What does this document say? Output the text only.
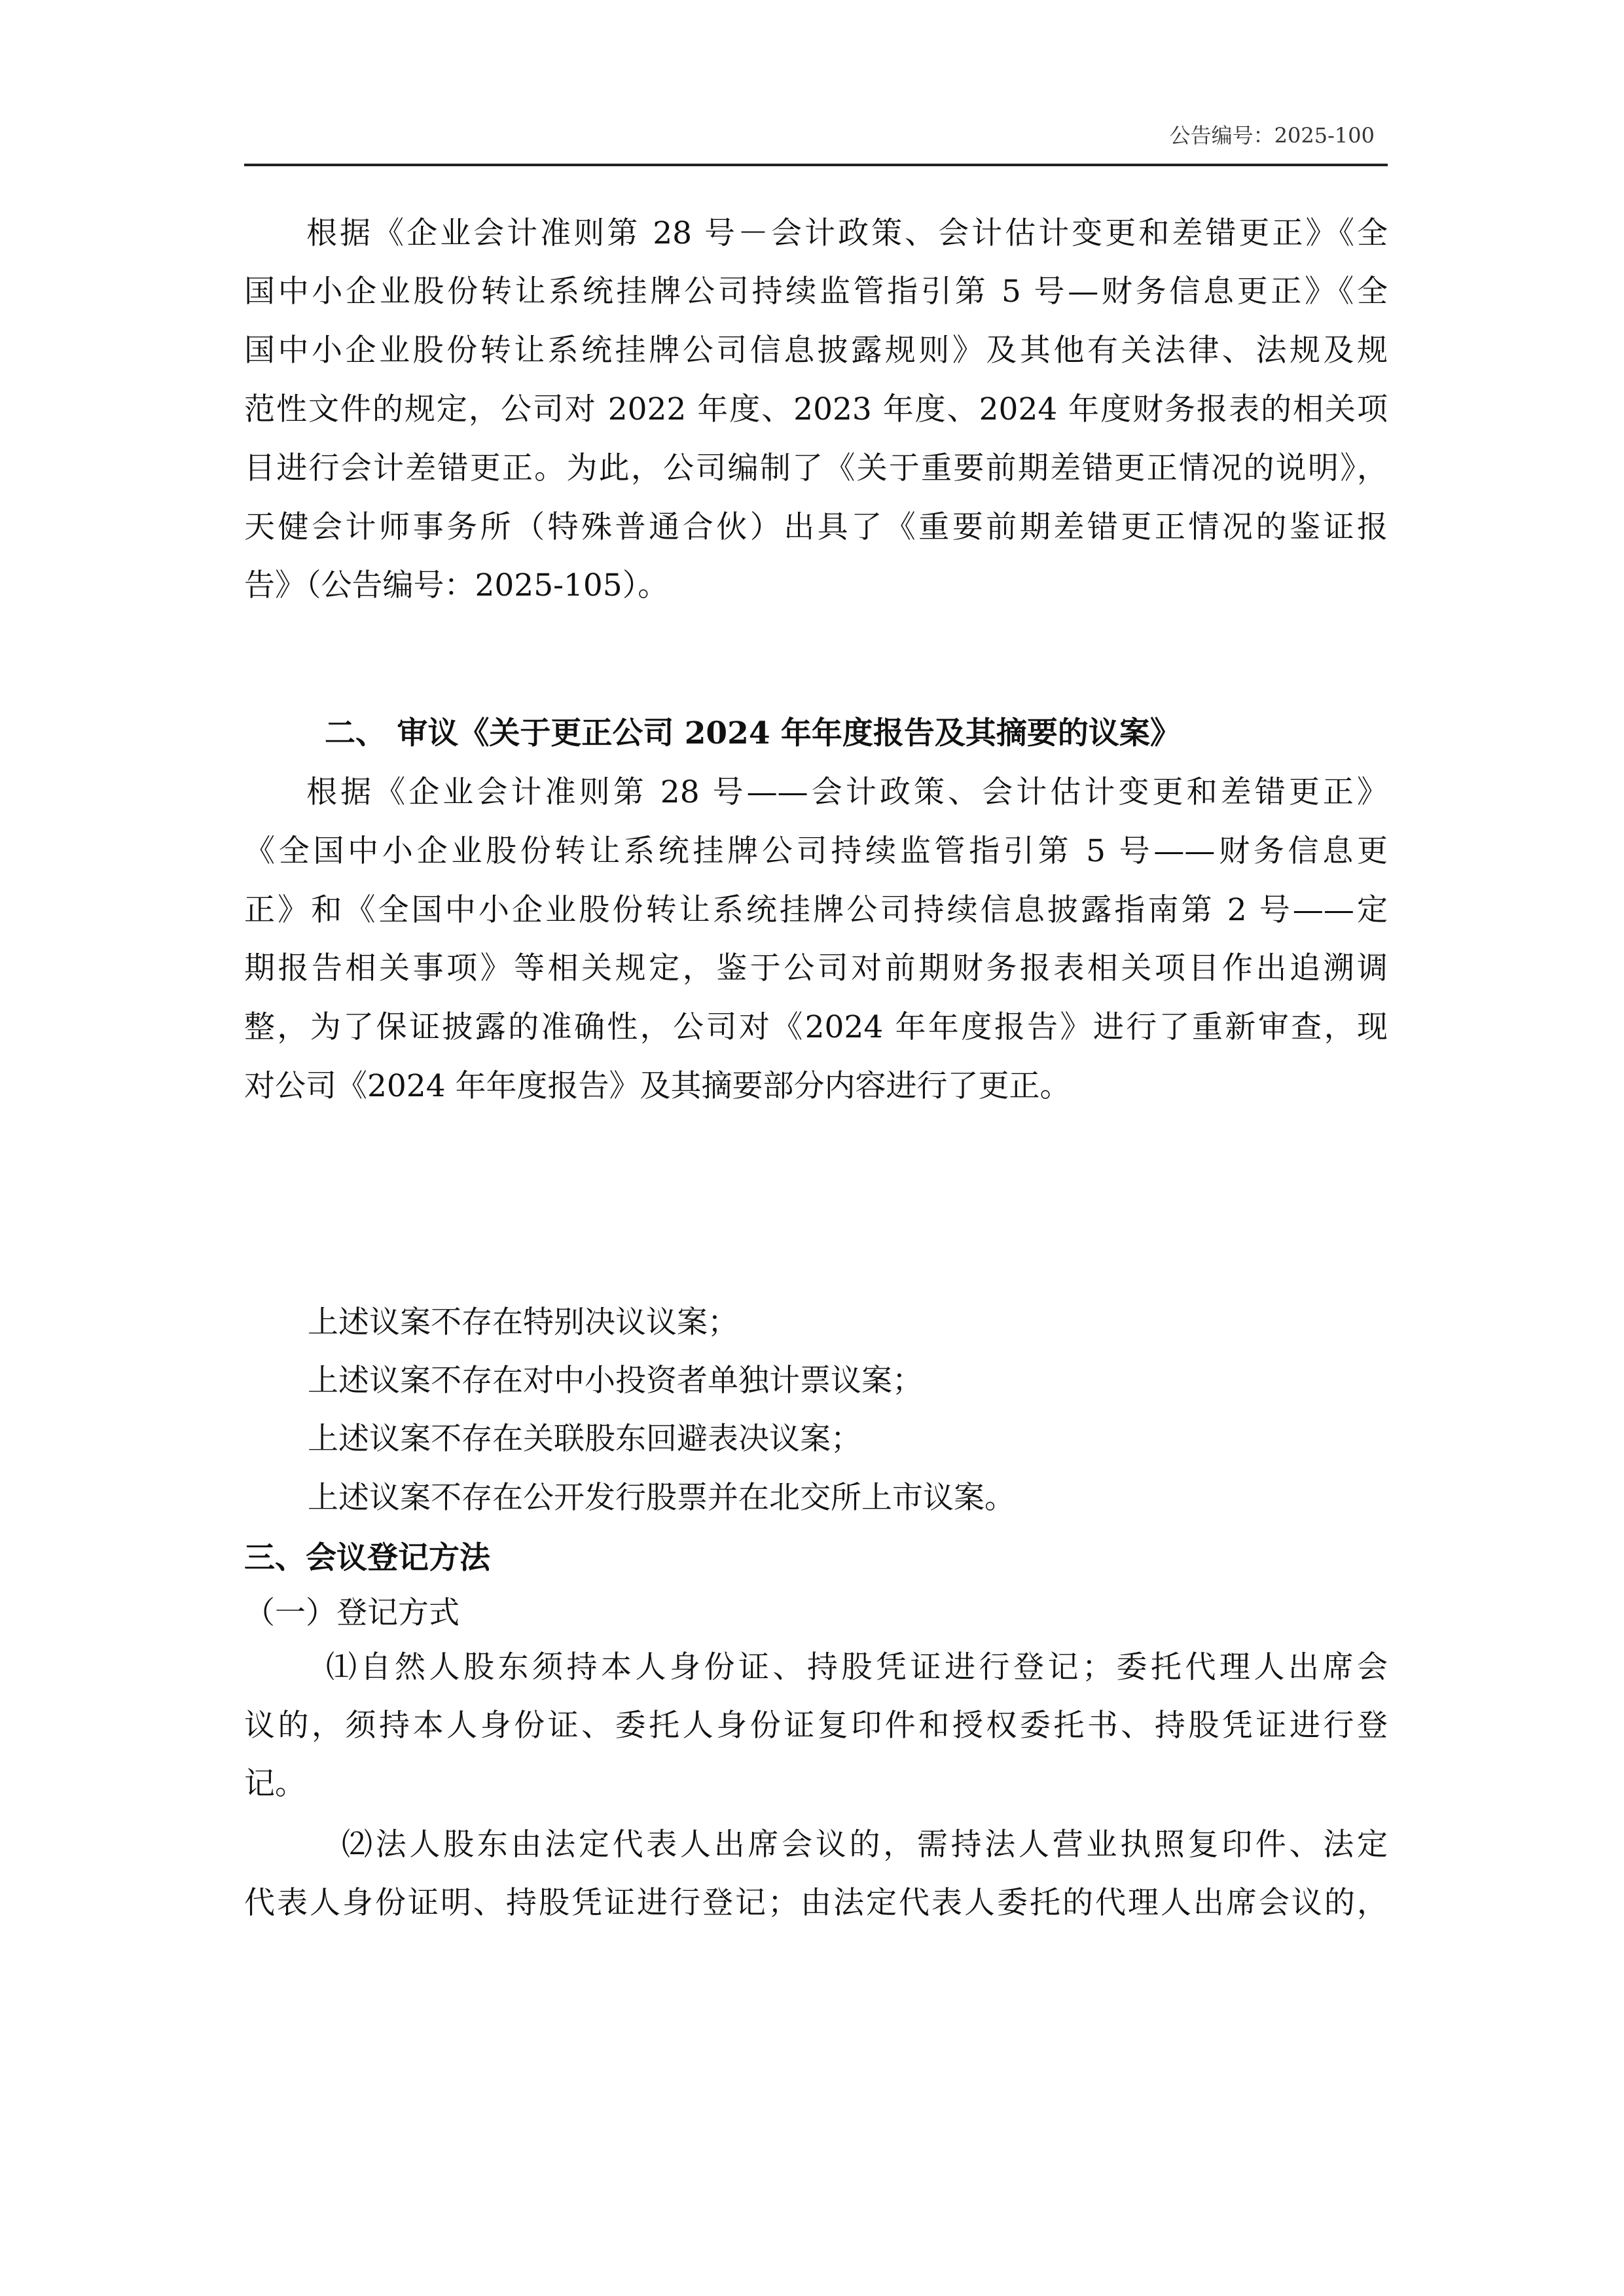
公告编号：2025-100
根据《企业会计准则第 28 号－会计政策、会计估计变更和差错更正》《全
国中小企业股份转让系统挂牌公司持续监管指引第 5 号—财务信息更正》《全
国中小企业股份转让系统挂牌公司信息披露规则》及其他有关法律、法规及规
范性文件的规定，公司对 2022 年度、2023 年度、2024 年度财务报表的相关项
目进行会计差错更正。为此，公司编制了《关于重要前期差错更正情况的说明》，
天健会计师事务所（特殊普通合伙）出具了《重要前期差错更正情况的鉴证报
告》（公告编号：2025-105）。
二、 审议《关于更正公司 2024 年年度报告及其摘要的议案》
根据《企业会计准则第 28 号——会计政策、会计估计变更和差错更正》
《全国中小企业股份转让系统挂牌公司持续监管指引第 5 号——财务信息更
正》和《全国中小企业股份转让系统挂牌公司持续信息披露指南第 2 号——定
期报告相关事项》等相关规定，鉴于公司对前期财务报表相关项目作出追溯调
整，为了保证披露的准确性，公司对《2024 年年度报告》进行了重新审查，现
对公司《2024 年年度报告》及其摘要部分内容进行了更正。
上述议案不存在特别决议议案；
上述议案不存在对中小投资者单独计票议案；
上述议案不存在关联股东回避表决议案；
上述议案不存在公开发行股票并在北交所上市议案。
三、会议登记方法
（一）登记方式
⑴自然人股东须持本人身份证、持股凭证进行登记；委托代理人出席会
议的，须持本人身份证、委托人身份证复印件和授权委托书、持股凭证进行登
记。
⑵法人股东由法定代表人出席会议的，需持法人营业执照复印件、法定
代表人身份证明、持股凭证进行登记；由法定代表人委托的代理人出席会议的，
